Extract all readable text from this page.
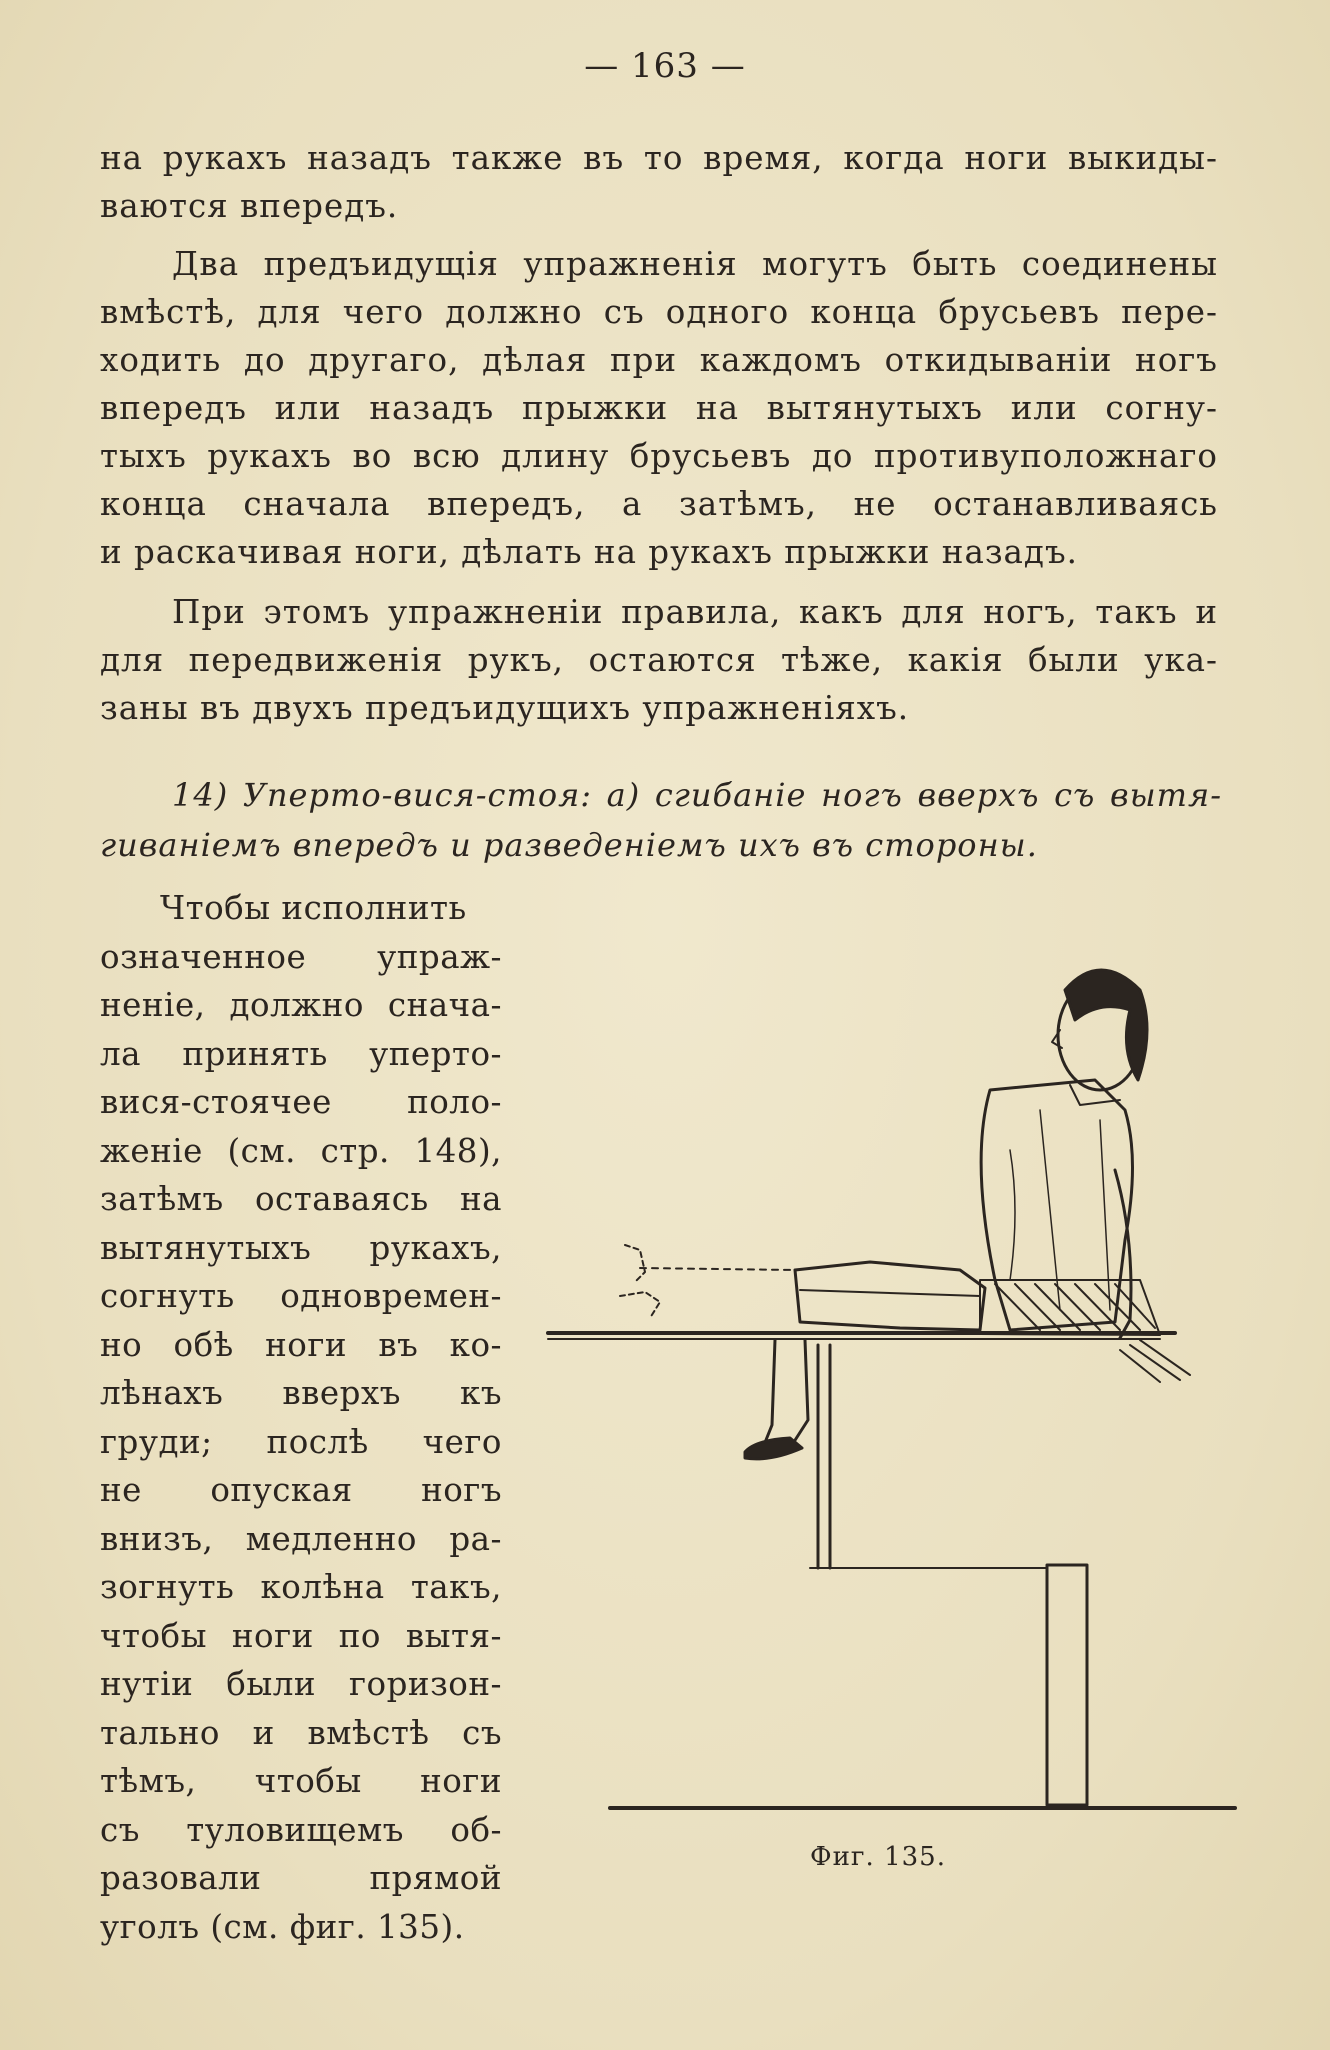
— 163 —
на рукахъ назадъ также въ то время, когда ноги выкиды-
ваются впередъ.
Два предъидущія упражненія могутъ быть соединены
вмѣстѣ, для чего должно съ одного конца брусьевъ пере-
ходить до другаго, дѣлая при каждомъ откидываніи ногъ
впередъ или назадъ прыжки на вытянутыхъ или согну-
тыхъ рукахъ во всю длину брусьевъ до противуположнаго
конца сначала впередъ, а затѣмъ, не останавливаясь
и раскачивая ноги, дѣлать на рукахъ прыжки назадъ.
При этомъ упражненіи правила, какъ для ногъ, такъ и
для передвиженія рукъ, остаются тѣже, какія были ука-
заны въ двухъ предъидущихъ упражненіяхъ.
14) Уперто-вися-стоя: а) сгибаніе ногъ вверхъ съ вытя-
гиваніемъ впередъ и разведеніемъ ихъ въ стороны.
Чтобы исполнить
означенное упраж-
неніе, должно снача-
ла принять уперто-
вися-стоячее поло-
женіе (см. стр. 148),
затѣмъ оставаясь на
вытянутыхъ рукахъ,
согнуть одновремен-
но обѣ ноги въ ко-
лѣнахъ вверхъ къ
груди; послѣ чего
не опуская ногъ
внизъ, медленно ра-
зогнуть колѣна такъ,
чтобы ноги по вытя-
нутіи были горизон-
тально и вмѣстѣ съ
тѣмъ, чтобы ноги
съ туловищемъ об-
разовали прямой
уголъ (см. фиг. 135).
Фиг. 135.
